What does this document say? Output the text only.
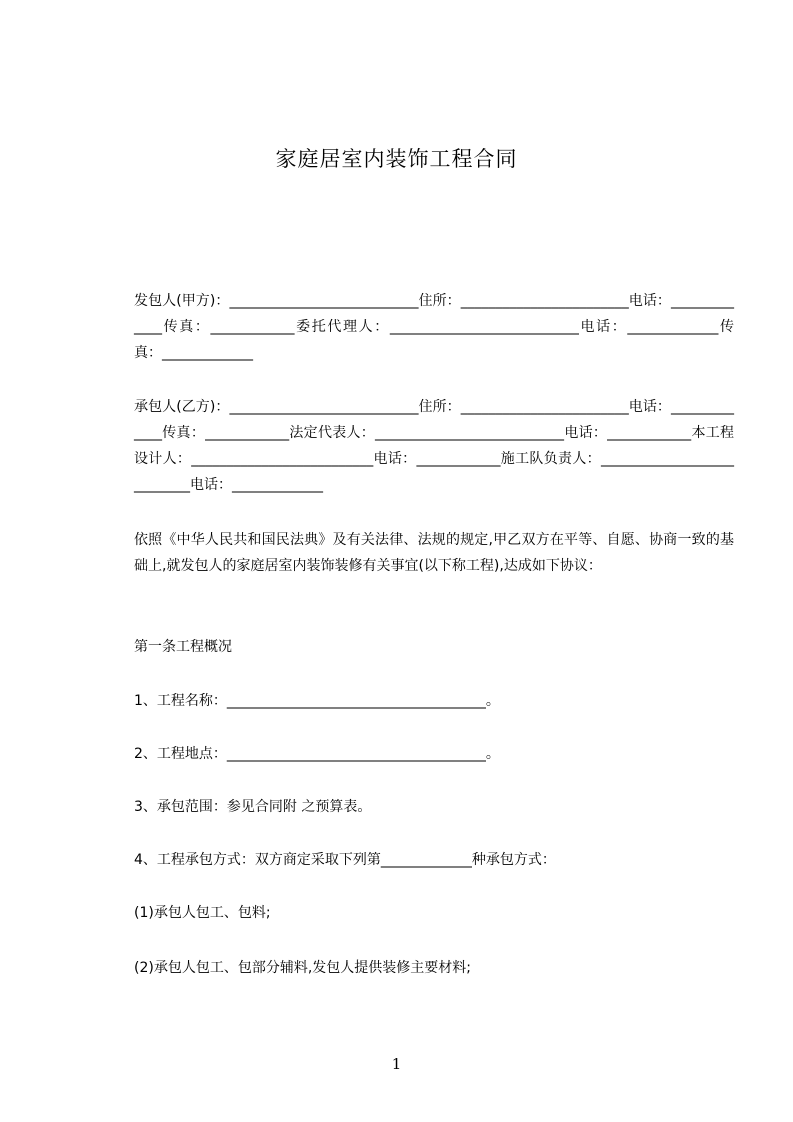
家庭居室内装饰工程合同
发包人(甲方)：___________________________住所：________________________电话：_____________传真：____________委托代理人：___________________________电话：_____________传真：_____________
承包人(乙方)：___________________________住所：________________________电话：_____________传真：____________法定代表人：___________________________电话：____________本工程设计人：__________________________电话：____________施工队负责人：___________________________电话：_____________
依照《中华人民共和国民法典》及有关法律、法规的规定,甲乙双方在平等、自愿、协商一致的基础上,就发包人的家庭居室内装饰装修有关事宜(以下称工程),达成如下协议：
第一条工程概况
1、工程名称：_____________________________________。
2、工程地点：_____________________________________。
3、承包范围：参见合同附 之预算表。
4、工程承包方式：双方商定采取下列第_____________种承包方式：
(1)承包人包工、包料;
(2)承包人包工、包部分辅料,发包人提供装修主要材料;
1
